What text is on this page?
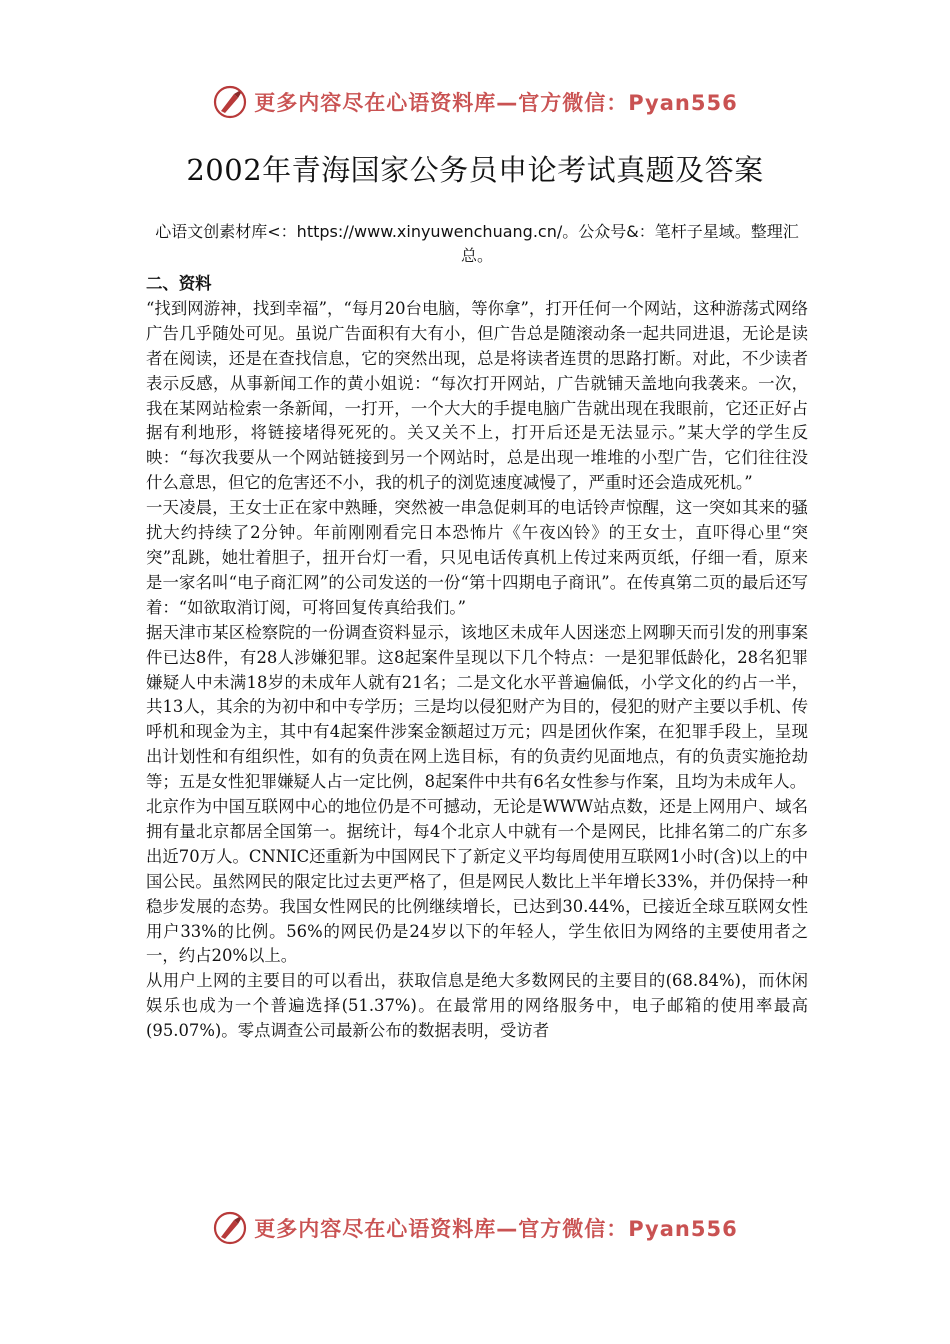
更多内容尽在心语资料库—官方微信：Pyan556
2002年青海国家公务员申论考试真题及答案
心语文创素材库<：https://www.xinyuwenchuang.cn/。公众号&：笔杆子星域。整理汇总。
二、资料

“找到网游神，找到幸福”，“每月20台电脑，等你拿”，打开任何一个网站，这种游荡式网络广告几乎随处可见。虽说广告面积有大有小，但广告总是随滚动条一起共同进退，无论是读者在阅读，还是在查找信息，它的突然出现，总是将读者连贯的思路打断。对此，不少读者表示反感，从事新闻工作的黄小姐说：“每次打开网站，广告就铺天盖地向我袭来。一次，我在某网站检索一条新闻，一打开，一个大大的手提电脑广告就出现在我眼前，它还正好占据有利地形，将链接堵得死死的。关又关不上，打开后还是无法显示。”某大学的学生反映：“每次我要从一个网站链接到另一个网站时，总是出现一堆堆的小型广告，它们往往没什么意思，但它的危害还不小，我的机子的浏览速度减慢了，严重时还会造成死机。”

一天凌晨，王女士正在家中熟睡，突然被一串急促刺耳的电话铃声惊醒，这一突如其来的骚扰大约持续了2分钟。年前刚刚看完日本恐怖片《午夜凶铃》的王女士，直吓得心里“突突”乱跳，她壮着胆子，扭开台灯一看，只见电话传真机上传过来两页纸，仔细一看，原来是一家名叫“电子商汇网”的公司发送的一份“第十四期电子商讯”。在传真第二页的最后还写着：“如欲取消订阅，可将回复传真给我们。”

据天津市某区检察院的一份调查资料显示，该地区未成年人因迷恋上网聊天而引发的刑事案件已达8件，有28人涉嫌犯罪。这8起案件呈现以下几个特点：一是犯罪低龄化，28名犯罪嫌疑人中未满18岁的未成年人就有21名；二是文化水平普遍偏低，小学文化的约占一半，共13人，其余的为初中和中专学历；三是均以侵犯财产为目的，侵犯的财产主要以手机、传呼机和现金为主，其中有4起案件涉案金额超过万元；四是团伙作案，在犯罪手段上，呈现出计划性和有组织性，如有的负责在网上选目标，有的负责约见面地点，有的负责实施抢劫等；五是女性犯罪嫌疑人占一定比例，8起案件中共有6名女性参与作案，且均为未成年人。

北京作为中国互联网中心的地位仍是不可撼动，无论是WWW站点数，还是上网用户、域名拥有量北京都居全国第一。据统计，每4个北京人中就有一个是网民，比排名第二的广东多出近70万人。CNNIC还重新为中国网民下了新定义平均每周使用互联网1小时(含)以上的中国公民。虽然网民的限定比过去更严格了，但是网民人数比上半年增长33%，并仍保持一种稳步发展的态势。我国女性网民的比例继续增长，已达到30.44%，已接近全球互联网女性用户33%的比例。56%的网民仍是24岁以下的年轻人，学生依旧为网络的主要使用者之一，约占20%以上。

从用户上网的主要目的可以看出，获取信息是绝大多数网民的主要目的(68.84%)，而休闲娱乐也成为一个普遍选择(51.37%)。在最常用的网络服务中，电子邮箱的使用率最高(95.07%)。零点调查公司最新公布的数据表明，受访者

更多内容尽在心语资料库—官方微信：Pyan556
